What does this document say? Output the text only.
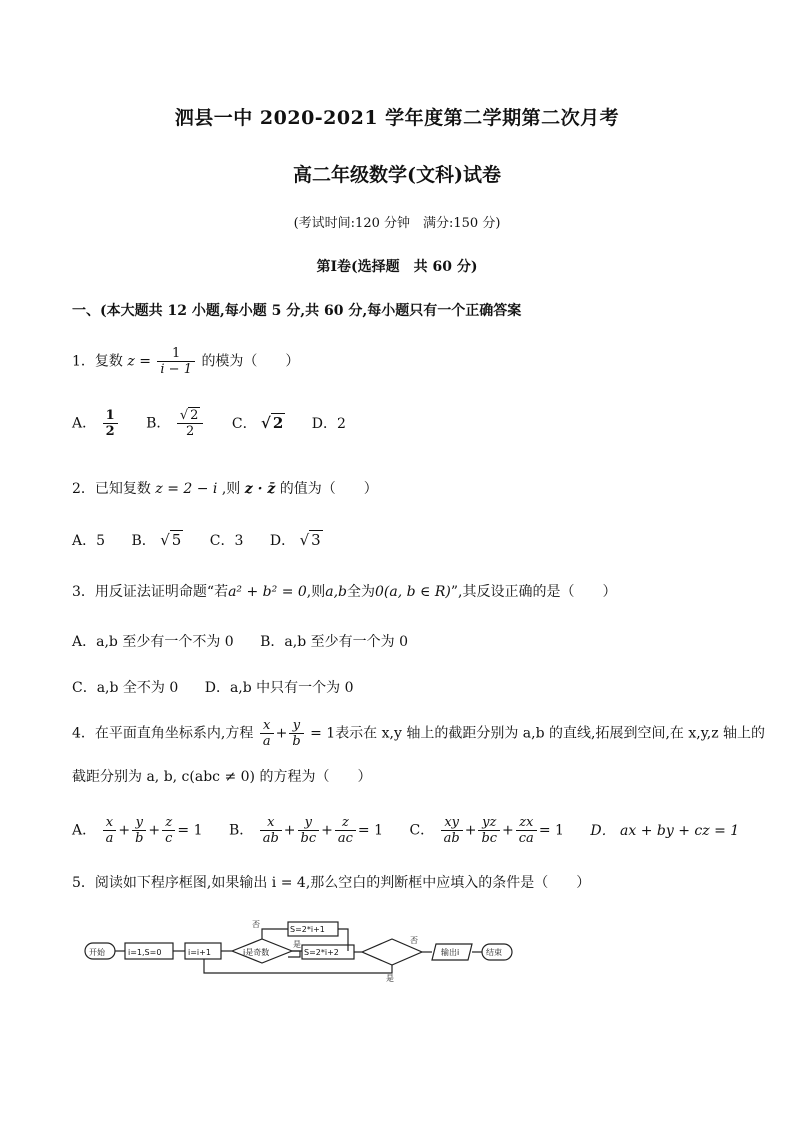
泗县一中 2020-2021 学年度第二学期第二次月考
高二年级数学(文科)试卷
(考试时间:120 分钟　满分:150 分)
第Ⅰ卷(选择题　共 60 分)
一、(本大题共 12 小题,每小题 5 分,共 60 分,每小题只有一个正确答案
1．复数 $z = \frac{1}{i - 1}$ 的模为（　　）
A． $\frac{1}{2}$ B． $\frac{√ 2}{2}$ C． √ 2 D．2
2．已知复数 z = 2 − i ,则 z · z̄ 的值为（　　）
A．5 B． √ 5 C．3 D． √ 3
3．用反证法证明命题“若a² + b² = 0,则a,b全为0(a, b ∈ R)”,其反设正确的是（　　）
A．a,b 至少有一个不为 0 B．a,b 至少有一个为 0
C．a,b 全不为 0 D．a,b 中只有一个为 0
4．在平面直角坐标系内,方程 $\frac{x}{a} + \frac{y}{b} = 1$表示在 x,y 轴上的截距分别为 a,b 的直线,拓展到空间,在 x,y,z 轴上的
截距分别为 a, b, c(abc ≠ 0) 的方程为（　　）
A． $\frac{x}{a} + \frac{y}{b} + \frac{z}{c} = 1$ B． $\frac{x}{ab} + \frac{y}{bc} + \frac{z}{ac} = 1$ C． $\frac{xy}{ab} + \frac{yz}{bc} + \frac{zx}{ca} = 1$ D． ax + by + cz = 1
5．阅读如下程序框图,如果输出 i = 4,那么空白的判断框中应填入的条件是（　　）
开始	i=1,S=0	i=i+1	i是奇数
否
是
S=2*i+1
S=2*i+2
否
是
输出i	结束
